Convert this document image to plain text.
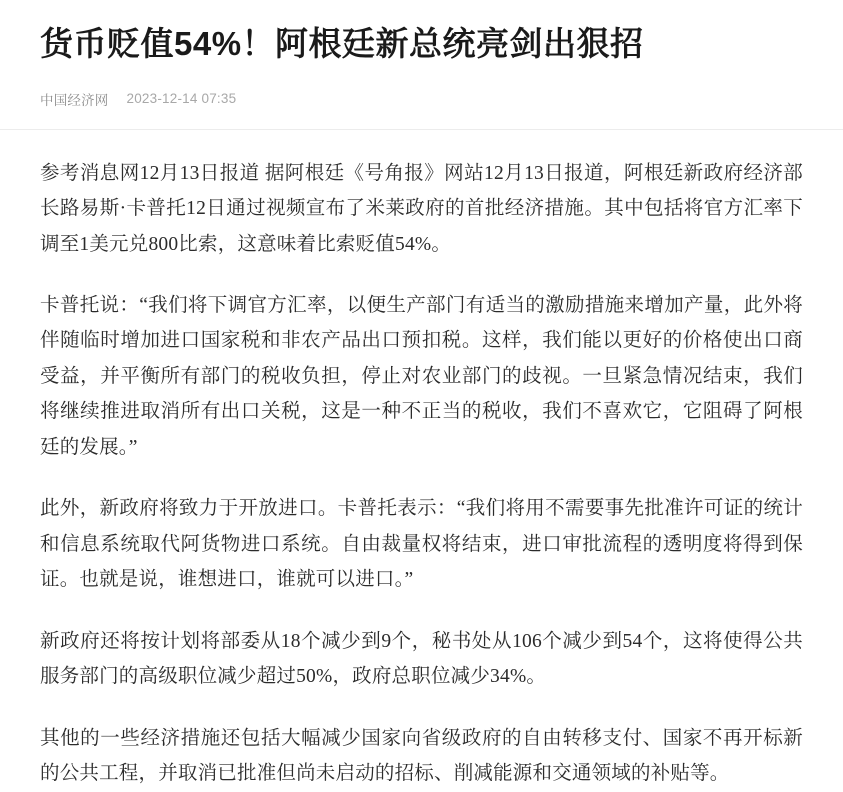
货币贬值54%！阿根廷新总统亮剑出狠招
中国经济网 2023-12-14 07:35

参考消息网12月13日报道 据阿根廷《号角报》网站12月13日报道，阿根廷新政府经济部长路易斯·卡普托12日通过视频宣布了米莱政府的首批经济措施。其中包括将官方汇率下调至1美元兑800比索，这意味着比索贬值54%。

卡普托说：“我们将下调官方汇率，以便生产部门有适当的激励措施来增加产量，此外将伴随临时增加进口国家税和非农产品出口预扣税。这样，我们能以更好的价格使出口商受益，并平衡所有部门的税收负担，停止对农业部门的歧视。一旦紧急情况结束，我们将继续推进取消所有出口关税，这是一种不正当的税收，我们不喜欢它，它阻碍了阿根廷的发展。”

此外，新政府将致力于开放进口。卡普托表示：“我们将用不需要事先批准许可证的统计和信息系统取代阿货物进口系统。自由裁量权将结束，进口审批流程的透明度将得到保证。也就是说，谁想进口，谁就可以进口。”

新政府还将按计划将部委从18个减少到9个，秘书处从106个减少到54个，这将使得公共服务部门的高级职位减少超过50%，政府总职位减少34%。

其他的一些经济措施还包括大幅减少国家向省级政府的自由转移支付、国家不再开标新的公共工程，并取消已批准但尚未启动的招标、削减能源和交通领域的补贴等。
